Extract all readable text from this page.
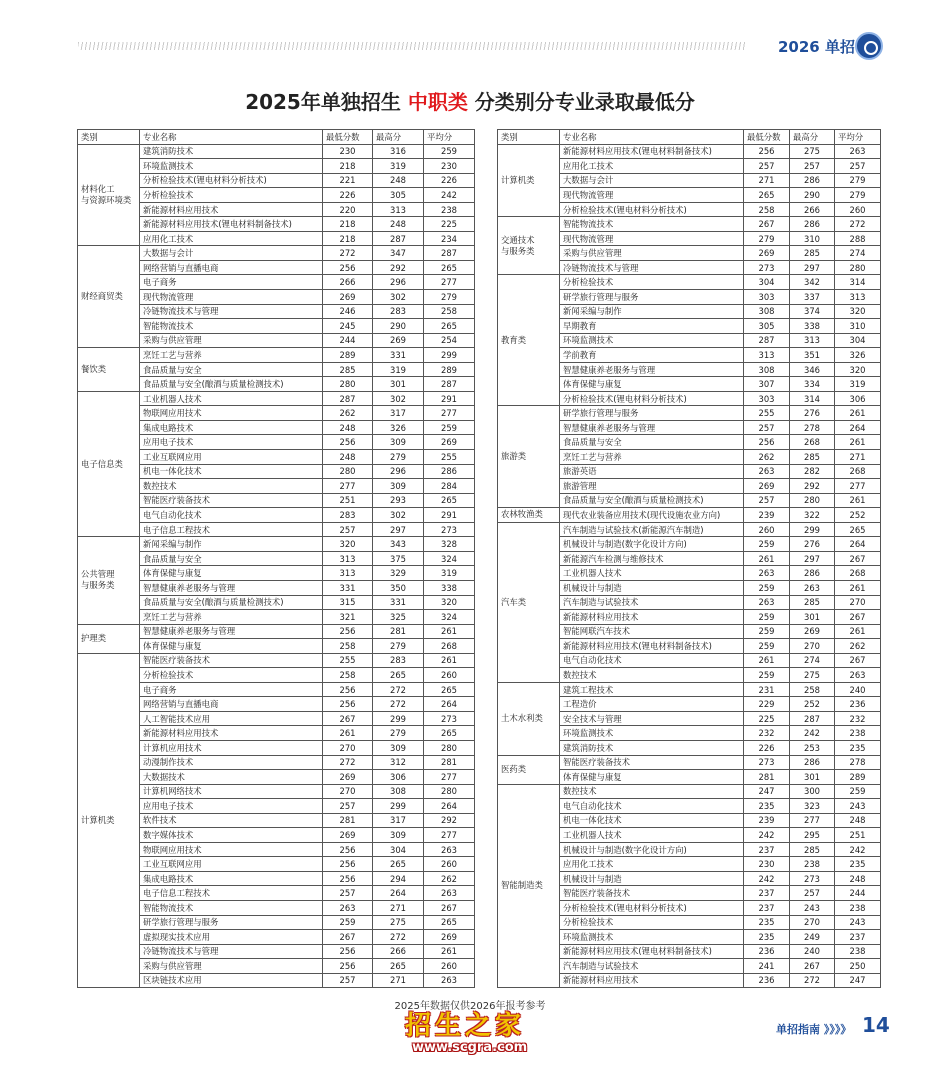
2026 单招
2025年单独招生 中职类 分类别分专业录取最低分
类别	专业名称	最低分数	最高分	平均分
材料化工
与资源环境类	建筑消防技术	230	316	259
	环境监测技术	218	319	230
	分析检验技术(锂电材料分析技术)	221	248	226
	分析检验技术	226	305	242
	新能源材料应用技术	220	313	238
	新能源材料应用技术(锂电材料制备技术)	218	248	225
	应用化工技术	218	287	234
财经商贸类	大数据与会计	272	347	287
	网络营销与直播电商	256	292	265
	电子商务	266	296	277
	现代物流管理	269	302	279
	冷链物流技术与管理	246	283	258
	智能物流技术	245	290	265
	采购与供应管理	244	269	254
餐饮类	烹饪工艺与营养	289	331	299
	食品质量与安全	285	319	289
	食品质量与安全(酿酒与质量检测技术)	280	301	287
电子信息类	工业机器人技术	287	302	291
	物联网应用技术	262	317	277
	集成电路技术	248	326	259
	应用电子技术	256	309	269
	工业互联网应用	248	279	255
	机电一体化技术	280	296	286
	数控技术	277	309	284
	智能医疗装备技术	251	293	265
	电气自动化技术	283	302	291
	电子信息工程技术	257	297	273
公共管理
与服务类	新闻采编与制作	320	343	328
	食品质量与安全	313	375	324
	体育保健与康复	313	329	319
	智慧健康养老服务与管理	331	350	338
	食品质量与安全(酿酒与质量检测技术)	315	331	320
	烹饪工艺与营养	321	325	324
护理类	智慧健康养老服务与管理	256	281	261
	体育保健与康复	258	279	268
计算机类	智能医疗装备技术	255	283	261
	分析检验技术	258	265	260
	电子商务	256	272	265
	网络营销与直播电商	256	272	264
	人工智能技术应用	267	299	273
	新能源材料应用技术	261	279	265
	计算机应用技术	270	309	280
	动漫制作技术	272	312	281
	大数据技术	269	306	277
	计算机网络技术	270	308	280
	应用电子技术	257	299	264
	软件技术	281	317	292
	数字媒体技术	269	309	277
	物联网应用技术	256	304	263
	工业互联网应用	256	265	260
	集成电路技术	256	294	262
	电子信息工程技术	257	264	263
	智能物流技术	263	271	267
	研学旅行管理与服务	259	275	265
	虚拟现实技术应用	267	272	269
	冷链物流技术与管理	256	266	261
	采购与供应管理	256	265	260
	区块链技术应用	257	271	263
类别	专业名称	最低分数	最高分	平均分
计算机类	新能源材料应用技术(锂电材料制备技术)	256	275	263
	应用化工技术	257	257	257
	大数据与会计	271	286	279
	现代物流管理	265	290	279
	分析检验技术(锂电材料分析技术)	258	266	260
交通技术
与服务类	智能物流技术	267	286	272
	现代物流管理	279	310	288
	采购与供应管理	269	285	274
	冷链物流技术与管理	273	297	280
教育类	分析检验技术	304	342	314
	研学旅行管理与服务	303	337	313
	新闻采编与制作	308	374	320
	早期教育	305	338	310
	环境监测技术	287	313	304
	学前教育	313	351	326
	智慧健康养老服务与管理	308	346	320
	体育保健与康复	307	334	319
	分析检验技术(锂电材料分析技术)	303	314	306
旅游类	研学旅行管理与服务	255	276	261
	智慧健康养老服务与管理	257	278	264
	食品质量与安全	256	268	261
	烹饪工艺与营养	262	285	271
	旅游英语	263	282	268
	旅游管理	269	292	277
	食品质量与安全(酿酒与质量检测技术)	257	280	261
农林牧渔类	现代农业装备应用技术(现代设施农业方向)	239	322	252
汽车类	汽车制造与试验技术(新能源汽车制造)	260	299	265
	机械设计与制造(数字化设计方向)	259	276	264
	新能源汽车检测与维修技术	261	297	267
	工业机器人技术	263	286	268
	机械设计与制造	259	263	261
	汽车制造与试验技术	263	285	270
	新能源材料应用技术	259	301	267
	智能网联汽车技术	259	269	261
	新能源材料应用技术(锂电材料制备技术)	259	270	262
	电气自动化技术	261	274	267
	数控技术	259	275	263
土木水利类	建筑工程技术	231	258	240
	工程造价	229	252	236
	安全技术与管理	225	287	232
	环境监测技术	232	242	238
	建筑消防技术	226	253	235
医药类	智能医疗装备技术	273	286	278
	体育保健与康复	281	301	289
智能制造类	数控技术	247	300	259
	电气自动化技术	235	323	243
	机电一体化技术	239	277	248
	工业机器人技术	242	295	251
	机械设计与制造(数字化设计方向)	237	285	242
	应用化工技术	230	238	235
	机械设计与制造	242	273	248
	智能医疗装备技术	237	257	244
	分析检验技术(锂电材料分析技术)	237	243	238
	分析检验技术	235	270	243
	环境监测技术	235	249	237
	新能源材料应用技术(锂电材料制备技术)	236	240	238
	汽车制造与试验技术	241	267	250
	新能源材料应用技术	236	272	247
2025年数据仅供2026年报考参考
招生之家
www.scgra.com
单招指南 》》》》 14
